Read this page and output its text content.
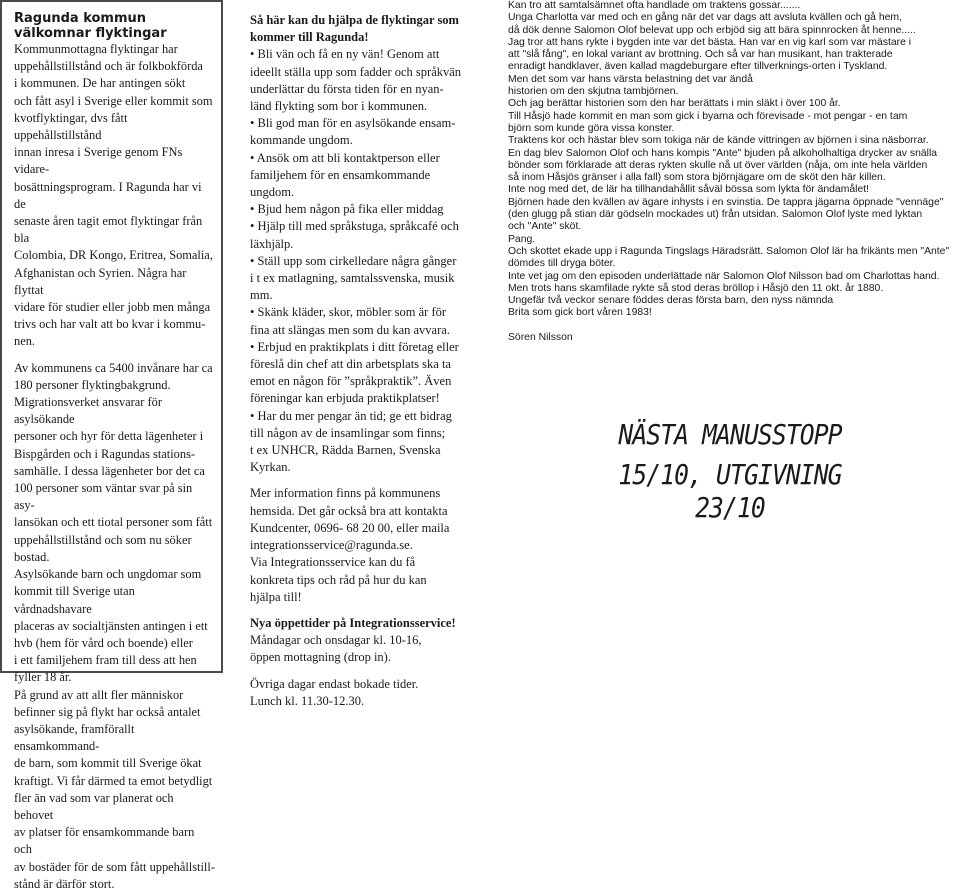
Ragunda kommun
välkomnar flyktingar
Kommunmottagna flyktingar har
uppehållstillstånd och är folkbokförda
i kommunen. De har antingen sökt
och fått asyl i Sverige eller kommit som
kvotflyktingar, dvs fått uppehållstillstånd
innan inresa i Sverige genom FNs vidare-
bosättningsprogram. I Ragunda har vi de
senaste åren tagit emot flyktingar från bla
Colombia, DR Kongo, Eritrea, Somalia,
Afghanistan och Syrien. Några har flyttat
vidare för studier eller jobb men många
trivs och har valt att bo kvar i kommu-
nen.
Av kommunens ca 5400 invånare har ca
180 personer flyktingbakgrund.
Migrationsverket ansvarar för asylsökande
personer och hyr för detta lägenheter i
Bispgården och i Ragundas stations-
samhälle. I dessa lägenheter bor det ca
100 personer som väntar svar på sin asy-
lansökan och ett tiotal personer som fått
uppehållstillstånd och som nu söker
bostad.
Asylsökande barn och ungdomar som
kommit till Sverige utan vårdnadshavare
placeras av socialtjänsten antingen i ett
hvb (hem för vård och boende) eller
i ett familjehem fram till dess att hen
fyller 18 år.
På grund av att allt fler människor
befinner sig på flykt har också antalet
asylsökande, framförallt ensamkommand-
de barn, som kommit till Sverige ökat
kraftigt. Vi får därmed ta emot betydligt
fler än vad som var planerat och behovet
av platser för ensamkommande barn och
av bostäder för de som fått uppehållstill-
stånd är därför stort.
Så här kan du hjälpa de flyktingar som
kommer till Ragunda!
• Bli vän och få en ny vän! Genom att
ideellt ställa upp som fadder och språkvän
underlättar du första tiden för en nyan-
länd flykting som bor i kommunen.
• Bli god man för en asylsökande ensam-
kommande ungdom.
• Ansök om att bli kontaktperson eller
familjehem för en ensamkommande
ungdom.
• Bjud hem någon på fika eller middag
• Hjälp till med språkstuga, språkcafé och
läxhjälp.
• Ställ upp som cirkelledare några gånger
i t ex matlagning, samtalssvenska, musik
mm.
• Skänk kläder, skor, möbler som är för
fina att slängas men som du kan avvara.
• Erbjud en praktikplats i ditt företag eller
föreslå din chef att din arbetsplats ska ta
emot en någon för ”språkpraktik”. Även
föreningar kan erbjuda praktikplatser!
• Har du mer pengar än tid; ge ett bidrag
till någon av de insamlingar som finns;
t ex UNHCR, Rädda Barnen, Svenska
Kyrkan.
Mer information finns på kommunens
hemsida. Det går också bra att kontakta
Kundcenter, 0696- 68 20 00, eller maila
integrationsservice@ragunda.se.
Via Integrationsservice kan du få
konkreta tips och råd på hur du kan
hjälpa till!
Nya öppettider på Integrationsservice!
Måndagar och onsdagar kl. 10-16,
öppen mottagning (drop in).
Övriga dagar endast bokade tider.
Lunch kl. 11.30-12.30.
Kan tro att samtalsämnet ofta handlade om traktens gossar.......
Unga Charlotta var med och en gång när det var dags att avsluta kvällen och gå hem,
då dök denne Salomon Olof belevat upp och erbjöd sig att bära spinnrocken åt henne.....
Jag tror att hans rykte i bygden inte var det bästa. Han var en vig karl som var mästare i
att "slå fång", en lokal variant av brottning. Och så var han musikant, han trakterade
enradigt handklaver, även kallad magdeburgare efter tillverknings-orten i Tyskland.
Men det som var hans värsta belastning det var ändå
historien om den skjutna tambjörnen.
Och jag berättar historien som den har berättats i min släkt i över 100 år.
Till Håsjö hade kommit en man som gick i byarna och förevisade - mot pengar - en tam
björn som kunde göra vissa konster.
Traktens kor och hästar blev som tokiga när de kände vittringen av björnen i sina näsborrar.
En dag blev Salomon Olof och hans kompis "Ante" bjuden på alkoholhaltiga drycker av snälla
bönder som förklarade att deras rykten skulle nå ut över världen (nåja, om inte hela världen
så inom Håsjös gränser i alla fall) som stora björnjägare om de sköt den här killen.
Inte nog med det, de lär ha tillhandahållit såväl bössa som lykta för ändamålet!
Björnen hade den kvällen av ägare inhysts i en svinstia. De tappra jägarna öppnade "vennäge"
(den glugg på stian där gödseln mockades ut) från utsidan. Salomon Olof lyste med lyktan
och "Ante" sköt.
Pang.
Och skottet ekade upp i Ragunda Tingslags Häradsrätt. Salomon Olof lär ha frikänts men "Ante"
dömdes till dryga böter.
Inte vet jag om den episoden underlättade när Salomon Olof Nilsson bad om Charlottas hand.
Men trots hans skamfilade rykte så stod deras bröllop i Håsjö den 11 okt. år 1880.
Ungefär två veckor senare föddes deras första barn, den nyss nämnda
Brita som gick bort våren 1983!
Sören Nilsson
NÄSTA MANUSSTOPP
15/10, UTGIVNING 23/10
